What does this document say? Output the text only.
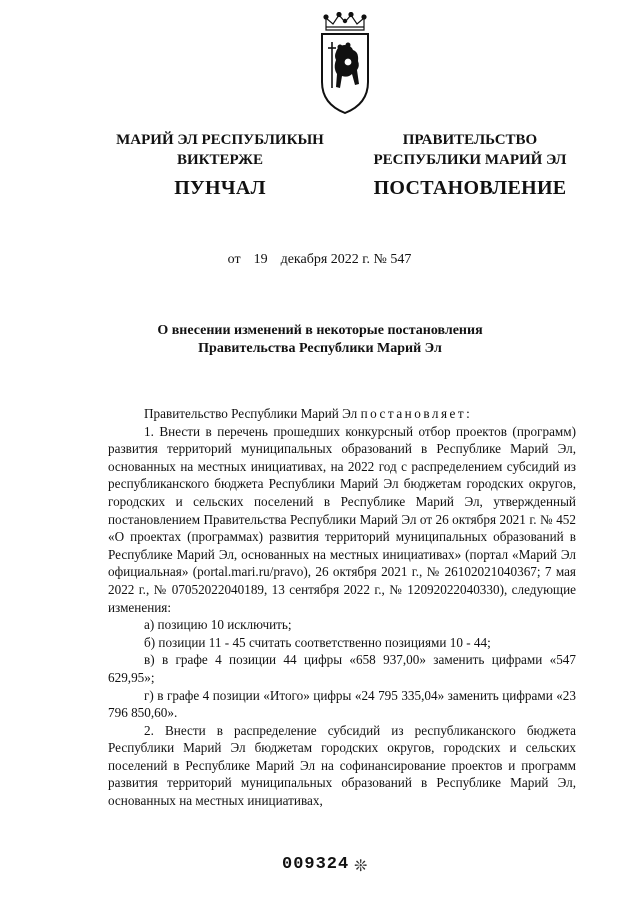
МАРИЙ ЭЛ РЕСПУБЛИКЫН
ВИКТЕРЖЕ
ПУНЧАЛ
ПРАВИТЕЛЬСТВО
РЕСПУБЛИКИ МАРИЙ ЭЛ
ПОСТАНОВЛЕНИЕ
от 19 декабря 2022 г. № 547
О внесении изменений в некоторые постановления
Правительства Республики Марий Эл

Правительство Республики Марий Эл постановляет:

1. Внести в перечень прошедших конкурсный отбор проектов (программ) развития территорий муниципальных образований в Республике Марий Эл, основанных на местных инициативах, на 2022 год с распределением субсидий из республиканского бюджета Республики Марий Эл бюджетам городских округов, городских и сельских поселений в Республике Марий Эл, утвержденный постановлением Правительства Республики Марий Эл от 26 октября 2021 г. № 452 «О проектах (программах) развития территорий муниципальных образований в Республике Марий Эл, основанных на местных инициативах» (портал «Марий Эл официальная» (portal.mari.ru/pravo), 26 октября 2021 г., № 26102021040367; 7 мая 2022 г., № 07052022040189, 13 сентября 2022 г., № 12092022040330), следующие изменения:

а) позицию 10 исключить;

б) позиции 11 - 45 считать соответственно позициями 10 - 44;

в) в графе 4 позиции 44 цифры «658 937,00» заменить цифрами «547 629,95»;

г) в графе 4 позиции «Итого» цифры «24 795 335,04» заменить цифрами «23 796 850,60».

2. Внести в распределение субсидий из республиканского бюджета Республики Марий Эл бюджетам городских округов, городских и сельских поселений в Республике Марий Эл на софинансирование проектов и программ развития территорий муниципальных образований в Республике Марий Эл, основанных на местных инициативах,

009324 ❊
